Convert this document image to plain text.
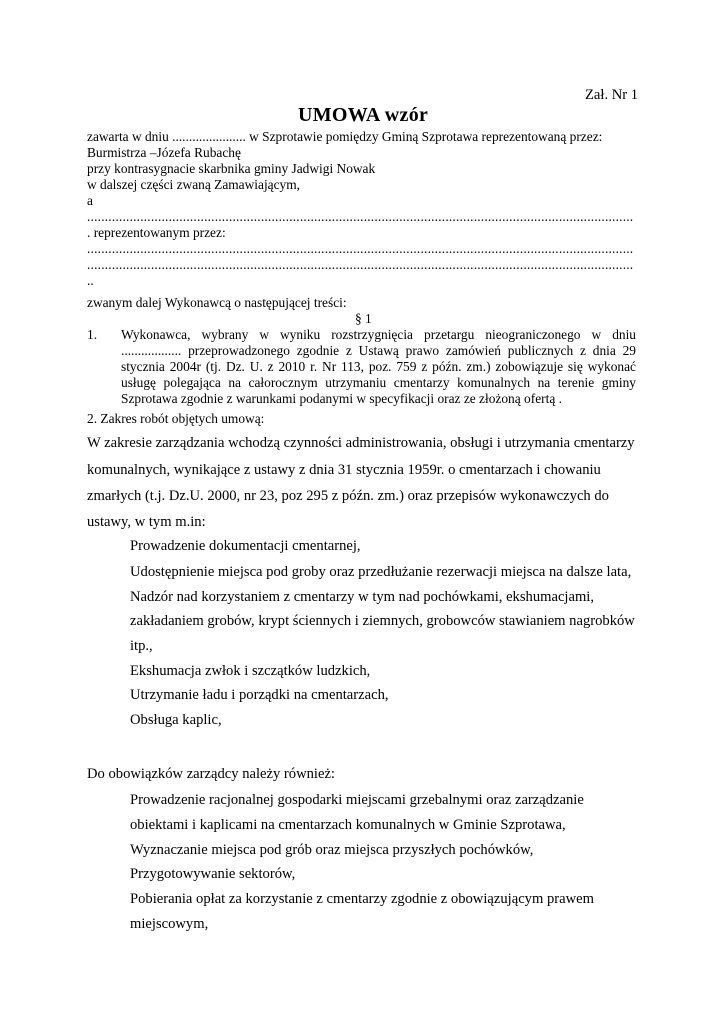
Zał. Nr 1
UMOWA wzór
zawarta w dniu ...................... w Szprotawie pomiędzy Gminą Szprotawa reprezentowaną przez:
Burmistrza –Józefa Rubachę
przy kontrasygnacie skarbnika gminy Jadwigi Nowak
w dalszej części zwaną Zamawiającym,
a
..........................................................................................................................................................
. reprezentowanym przez:
..........................................................................................................................................................
..........................................................................................................................................................
..
zwanym dalej Wykonawcą o następującej treści:
§ 1
1. Wykonawca, wybrany w wyniku rozstrzygnięcia przetargu nieograniczonego w dniu
.................. przeprowadzonego zgodnie z Ustawą prawo zamówień publicznych z dnia 29
stycznia 2004r (tj. Dz. U. z 2010 r. Nr 113, poz. 759 z późn. zm.) zobowiązuje się wykonać
usługę polegająca na całorocznym utrzymaniu cmentarzy komunalnych na terenie gminy
Szprotawa zgodnie z warunkami podanymi w specyfikacji oraz ze złożoną ofertą .
2. Zakres robót objętych umową:
W zakresie zarządzania wchodzą czynności administrowania, obsługi i utrzymania cmentarzy
komunalnych, wynikające z ustawy z dnia 31 stycznia 1959r. o cmentarzach i chowaniu
zmarłych (t.j. Dz.U. 2000, nr 23, poz 295 z późn. zm.) oraz przepisów wykonawczych do
ustawy, w tym m.in:
Prowadzenie dokumentacji cmentarnej,
Udostępnienie miejsca pod groby oraz przedłużanie rezerwacji miejsca na dalsze lata,
Nadzór nad korzystaniem z cmentarzy w tym nad pochówkami, ekshumacjami,
zakładaniem grobów, krypt ściennych i ziemnych, grobowców stawianiem nagrobków
itp.,
Ekshumacja zwłok i szczątków ludzkich,
Utrzymanie ładu i porządki na cmentarzach,
Obsługa kaplic,
Do obowiązków zarządcy należy również:
Prowadzenie racjonalnej gospodarki miejscami grzebalnymi oraz zarządzanie
obiektami i kaplicami na cmentarzach komunalnych w Gminie Szprotawa,
Wyznaczanie miejsca pod grób oraz miejsca przyszłych pochówków,
Przygotowywanie sektorów,
Pobierania opłat za korzystanie z cmentarzy zgodnie z obowiązującym prawem
miejscowym,
